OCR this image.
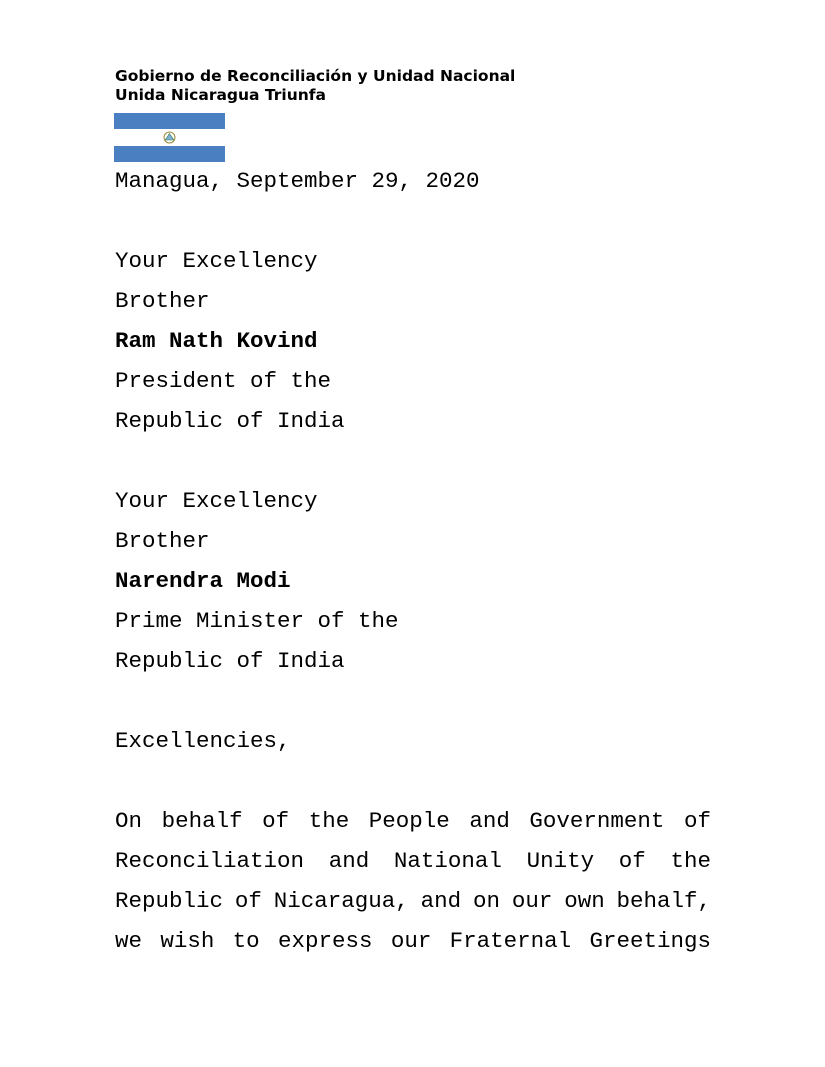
Gobierno de Reconciliación y Unidad Nacional
Unida Nicaragua Triunfa
Managua, September 29, 2020
Your Excellency
Brother
Ram Nath Kovind
President of the
Republic of India
Your Excellency
Brother
Narendra Modi
Prime Minister of the
Republic of India
Excellencies,
On behalf of the People and Government of
Reconciliation and National Unity of the
Republic of Nicaragua, and on our own behalf,
we wish to express our Fraternal Greetings
